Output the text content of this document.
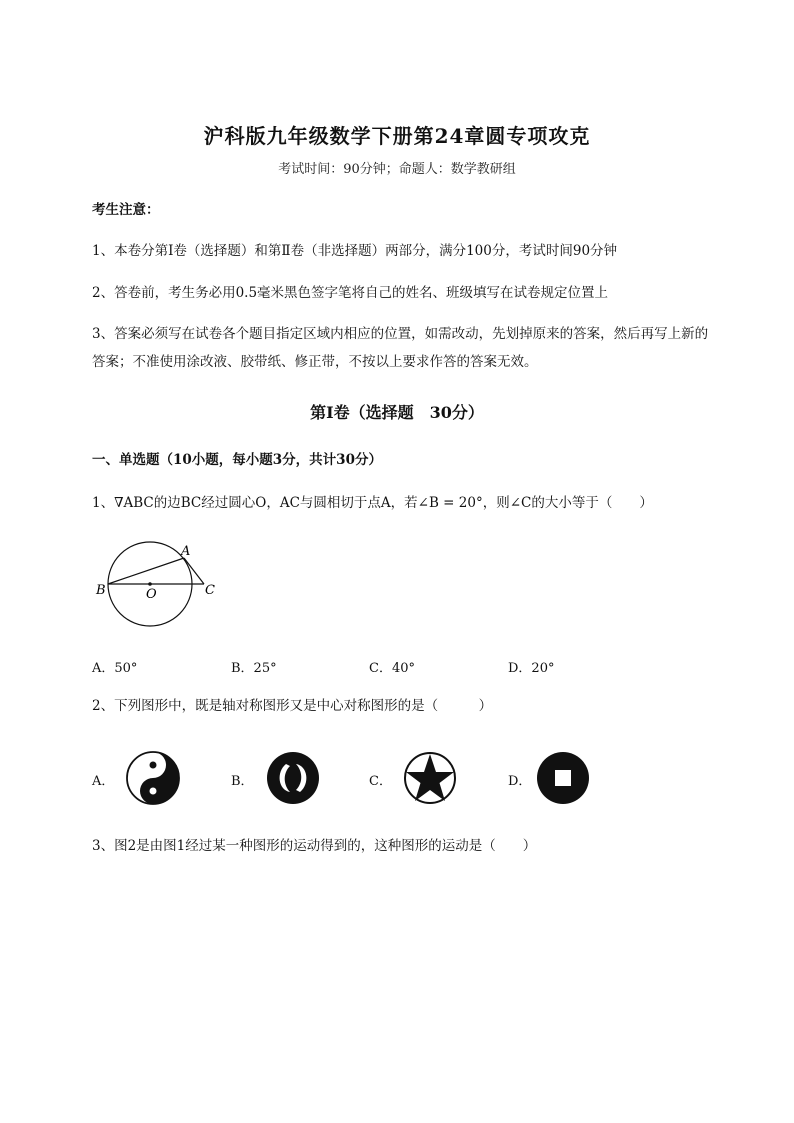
沪科版九年级数学下册第24章圆专项攻克
考试时间：90分钟；命题人：数学教研组
考生注意：
1、本卷分第I卷（选择题）和第Ⅱ卷（非选择题）两部分，满分100分，考试时间90分钟
2、答卷前，考生务必用0.5毫米黑色签字笔将自己的姓名、班级填写在试卷规定位置上
3、答案必须写在试卷各个题目指定区域内相应的位置，如需改动，先划掉原来的答案，然后再写上新的答案；不准使用涂改液、胶带纸、修正带，不按以上要求作答的答案无效。
第I卷（选择题　30分）
一、单选题（10小题，每小题3分，共计30分）
1、∇ABC的边BC经过圆心O，AC与圆相切于点A，若∠B = 20°，则∠C的大小等于（　　）
B	O	C
A
A．50°	B．25°	C．40°	D．20°
2、下列图形中，既是轴对称图形又是中心对称图形的是（　　　）
A．	B．	C．	D．
3、图2是由图1经过某一种图形的运动得到的，这种图形的运动是（　　）
